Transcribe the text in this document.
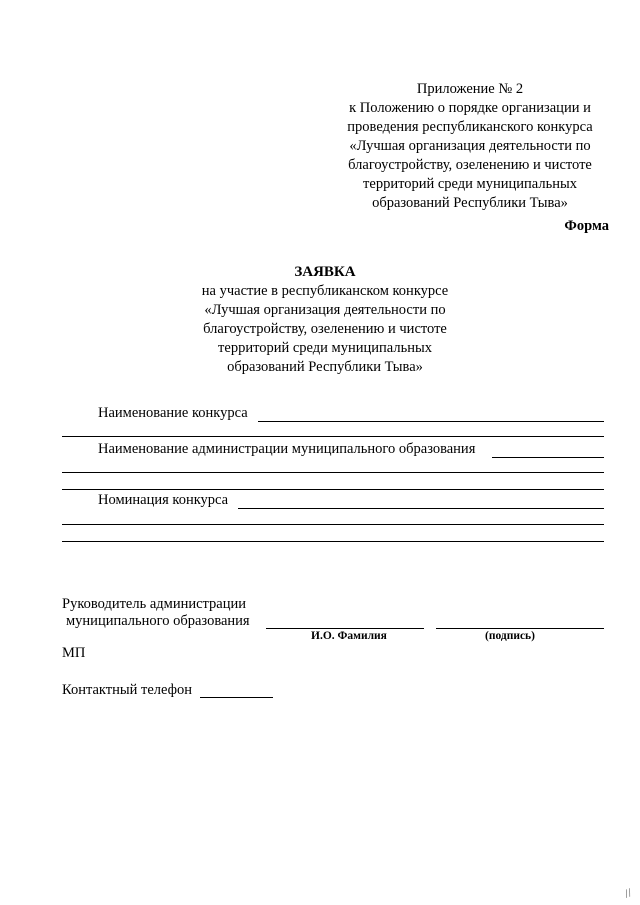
Приложение № 2
к Положению о порядке организации и
проведения республиканского конкурса
«Лучшая организация деятельности по
благоустройству, озеленению и чистоте
территорий среди муниципальных
образований Республики Тыва»
Форма
ЗАЯВКА
на участие в республиканском конкурсе
«Лучшая организация деятельности по
благоустройству, озеленению и чистоте
территорий среди муниципальных
образований Республики Тыва»
Наименование конкурса
Наименование администрации муниципального образования
Номинация конкурса
Руководитель администрации
муниципального образования
И.О. Фамилия	(подпись)
МП
Контактный телефон
//
